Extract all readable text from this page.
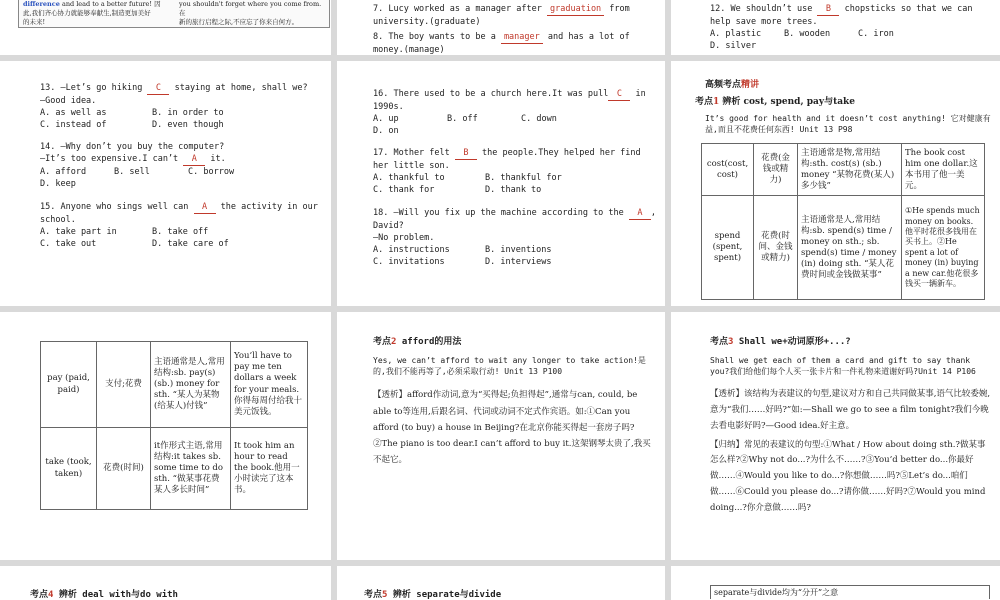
difference and lead to a better future! 因
此,我们齐心协力就能够奉献生,制造更加美好
的未来!
you shouldn't forget where you come from. 在
新的旅行启程之际,不应忘了你来自何方。
7. Lucy worked as a manager after graduation from university.(graduate)
8. The boy wants to be a manager and has a lot of money.(manage)

12. We shouldn’t use B chopsticks so that we can help save more trees.

A. plastic	B. wooden	C. iron
D. silver

13. —Let’s go hiking C staying at home, shall we?

—Good idea.

A. as well as	B. in order to
C. instead of	D. even though

14. —Why don’t you buy the computer?

—It’s too expensive.I can’t A it.

A. afford	B. sell	C. borrow
D. keep

15. Anyone who sings well can A the activity in our school.

A. take part in	B. take off
C. take out	D. take care of

16. There used to be a church here.It was pull C in 1990s.

A. up	B. off	C. down
D. on

17. Mother felt B the people.They helped her find her little son.

A. thankful to	B. thankful for
C. thank for	D. thank to

18. —Will you fix up the machine according to the A , David?

—No problem.

A. instructions	B. inventions
C. invitations	D. interviews
高频考点精讲
考点1 辨析 cost, spend, pay与take

It’s good for health and it doesn’t cost anything! 它对健康有益,而且不花费任何东西! Unit 13 P98

cost(cost, cost)	花费(金钱或精力)	主语通常是物,常用结构:sth. cost(s) (sb.) money “某物花费(某人)多少钱”	The book cost him one dollar.这本书用了他一美元。
spend (spent, spent)	花费(时间、金钱或精力)	主语通常是人,常用结构:sb. spend(s) time / money on sth.; sb. spend(s) time / money (in) doing sth. “某人花费时间或金钱做某事”	①He spends much money on books.他平时花很多钱用在买书上。②He spent a lot of money (in) buying a new car.他花很多钱买一辆新车。
pay (paid, paid)	支付;花费	主语通常是人,常用结构:sb. pay(s) (sb.) money for sth. “某人为某物(给某人)付钱”	You’ll have to pay me ten dollars a week for your meals.你得每周付给我十美元饭钱。
take (took, taken)	花费(时间)	it作形式主语,常用结构:it takes sb. some time to do sth. “做某事花费某人多长时间”	It took him an hour to read the book.他用一小时读完了这本书。
考点2 afford的用法

Yes, we can’t afford to wait any longer to take action!是的,我们不能再等了,必须采取行动! Unit 13 P100

【透析】afford作动词,意为“买得起;负担得起”,通常与can, could, be able to等连用,后跟名词、代词或动词不定式作宾语。如:①Can you afford (to buy) a house in Beijing?在北京你能买得起一套房子吗?②The piano is too dear.I can’t afford to buy it.这架钢琴太贵了,我买不起它。

考点3 Shall we+动词原形+...?

Shall we get each of them a card and gift to say thank you?我们给他们每个人买一张卡片和一件礼物来道谢好吗?Unit 14 P106

【透析】该结构为表建议的句型,建议对方和自己共同做某事,语气比较委婉,意为“我们……好吗?”如:—Shall we go to see a film tonight?我们今晚去看电影好吗?—Good idea.好主意。

【归纳】常见的表建议的句型:①What / How about doing sth.?做某事怎么样?②Why not do...?为什么不……?③You’d better do...你最好做……④Would you like to do...?你想做……吗?⑤Let’s do...咱们做……⑥Could you please do...?请你做……好吗?⑦Would you mind doing...?你介意做……吗?

考点4 辨析 deal with与do with	考点5 辨析 separate与divide	separate与divide均为“分开”之意
